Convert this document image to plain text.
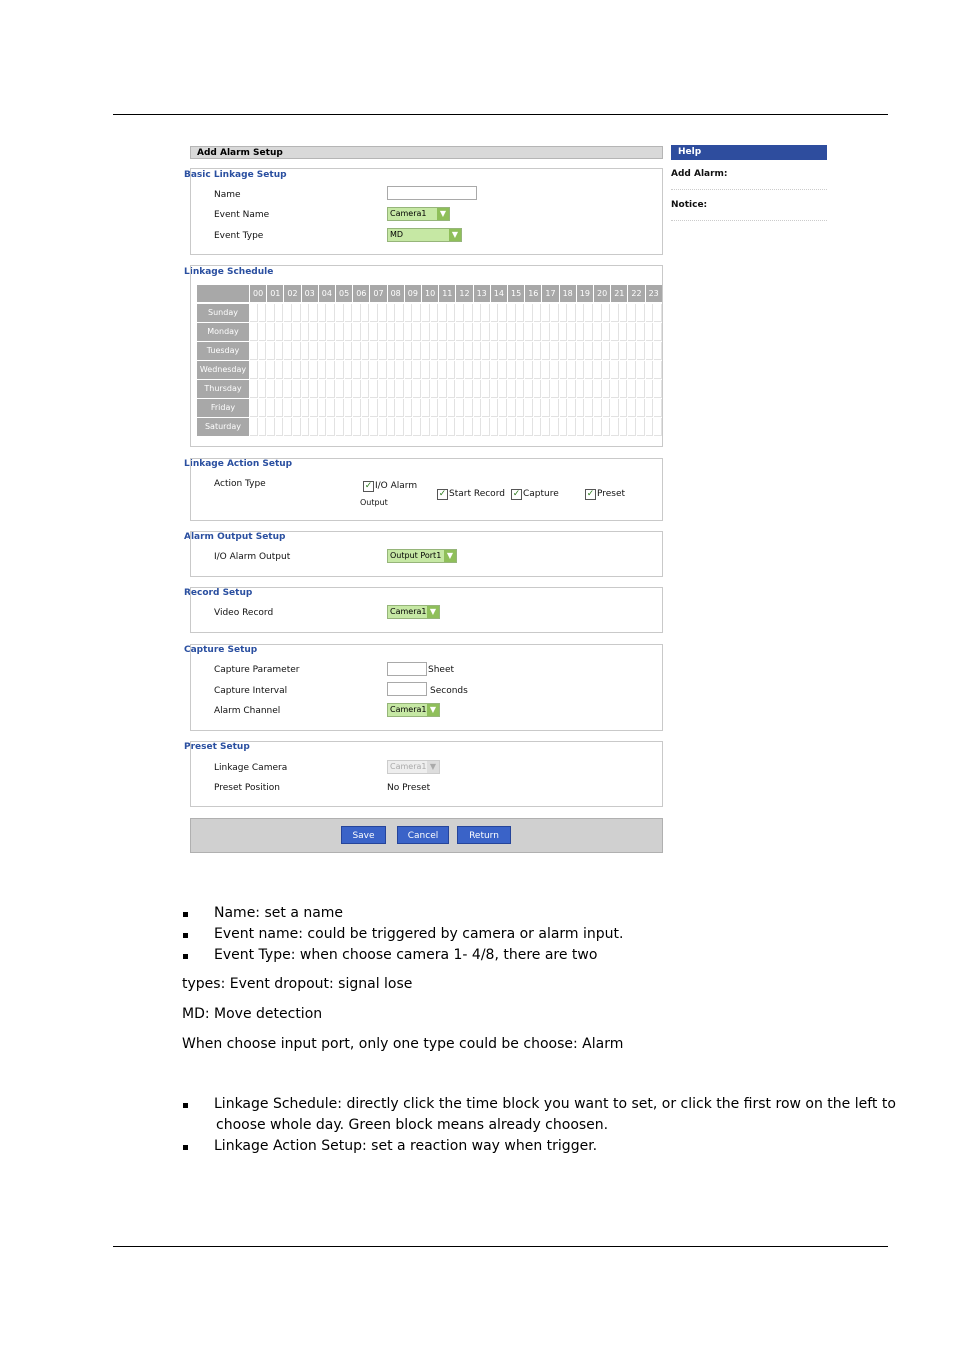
Add Alarm Setup	Help
Add Alarm:
Notice:
Basic Linkage Setup
Name
Event Name	Camera1	▼
Event Type	MD	▼
Linkage Schedule
00 01 02 03 04 05 06 07 08 09 10 11 12 13 14 15 16 17 18 19 20 21 22 23
Sunday
Monday
Tuesday
Wednesday
Thursday
Friday
Saturday
Linkage Action Setup
Action Type	✓ I/O Alarm
Output
✓ Start Record ✓ Capture	✓ Preset
Alarm Output Setup
I/O Alarm Output	Output Port1 ▼
Record Setup
Video Record	Camera1 ▼
Capture Setup
Capture Parameter	Sheet
Capture Interval	Seconds
Alarm Channel	Camera1 ▼
Preset Setup
Linkage Camera	Camera1 ▼
Preset Position	No Preset
Save	Cancel	Return
Name: set a name
Event name: could be triggered by camera or alarm input.
Event Type: when choose camera 1- 4/8, there are two
types: Event dropout: signal lose
MD: Move detection
When choose input port, only one type could be choose: Alarm
Linkage Schedule: directly click the time block you want to set, or click the first row on the left to
choose whole day. Green block means already choosen.
Linkage Action Setup: set a reaction way when trigger.
